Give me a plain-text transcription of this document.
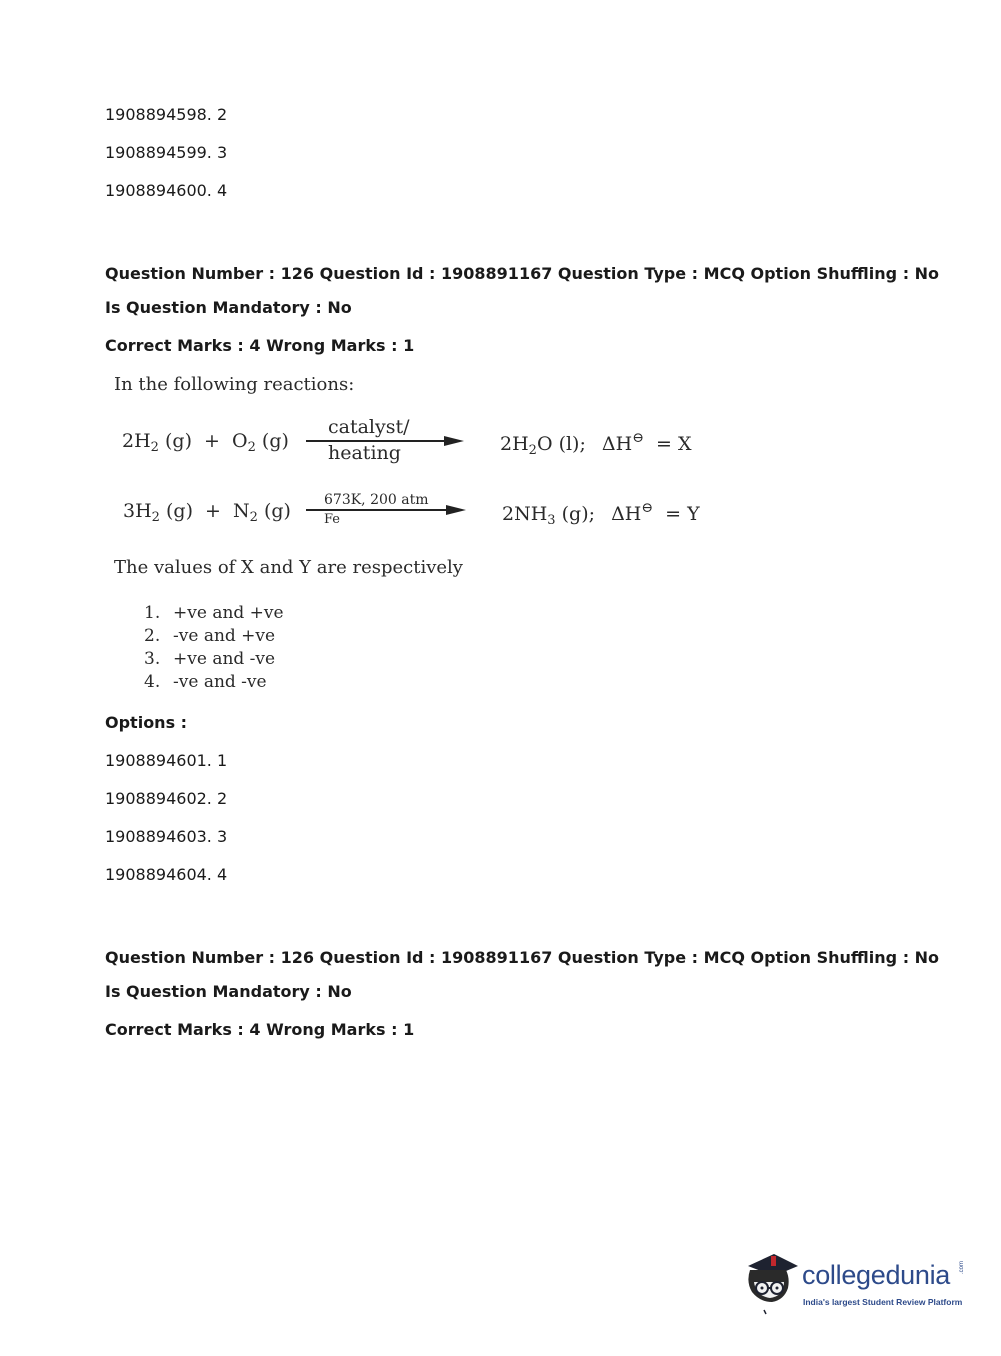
1908894598. 2
1908894599. 3
1908894600. 4
Question Number : 126 Question Id : 1908891167 Question Type : MCQ Option Shuffling : No
Is Question Mandatory : No
Correct Marks : 4 Wrong Marks : 1
In the following reactions:
$2H_2$ $(g) + O_2$ (g)
catalyst/
heating	$2H_2O$ (l); ΔH⊖ = X
$3H_2$ $(g) + N_2$ (g) 673K, 200 atm
Fe	$2NH_3$ (g); ΔH⊖ = Y
The values of X and Y are respectively
1. +ve and +ve
2. -ve and +ve
3. +ve and -ve
4. -ve and -ve
Options :
1908894601. 1
1908894602. 2
1908894603. 3
1908894604. 4
Question Number : 126 Question Id : 1908891167 Question Type : MCQ Option Shuffling : No
Is Question Mandatory : No
Correct Marks : 4 Wrong Marks : 1
collegedunia .com
India's largest Student Review Platform
